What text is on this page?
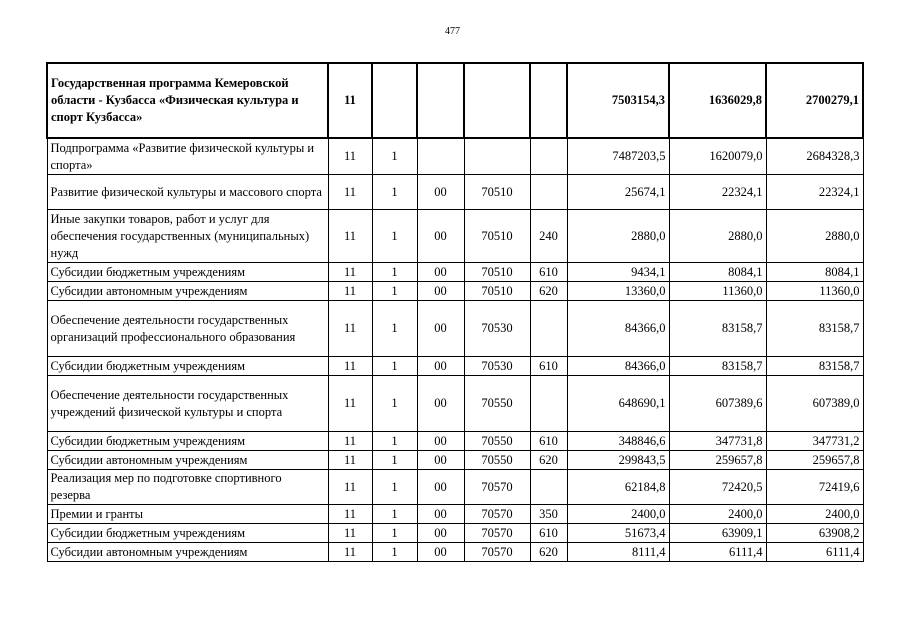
477
Государственная программа Кемеровской области - Кузбасса «Физическая культура и спорт Кузбасса»	11					7503154,3	1636029,8	2700279,1
Подпрограмма «Развитие физической культуры и спорта»	11	1				7487203,5	1620079,0	2684328,3
Развитие физической культуры и массового спорта	11	1	00	70510		25674,1	22324,1	22324,1
Иные закупки товаров, работ и услуг для обеспечения государственных (муниципальных) нужд	11	1	00	70510	240	2880,0	2880,0	2880,0
Субсидии бюджетным учреждениям	11	1	00	70510	610	9434,1	8084,1	8084,1
Субсидии автономным учреждениям	11	1	00	70510	620	13360,0	11360,0	11360,0
Обеспечение деятельности государственных организаций профессионального образования	11	1	00	70530		84366,0	83158,7	83158,7
Субсидии бюджетным учреждениям	11	1	00	70530	610	84366,0	83158,7	83158,7
Обеспечение деятельности государственных учреждений физической культуры и спорта	11	1	00	70550		648690,1	607389,6	607389,0
Субсидии бюджетным учреждениям	11	1	00	70550	610	348846,6	347731,8	347731,2
Субсидии автономным учреждениям	11	1	00	70550	620	299843,5	259657,8	259657,8
Реализация мер по подготовке спортивного резерва	11	1	00	70570		62184,8	72420,5	72419,6
Премии и гранты	11	1	00	70570	350	2400,0	2400,0	2400,0
Субсидии бюджетным учреждениям	11	1	00	70570	610	51673,4	63909,1	63908,2
Субсидии автономным учреждениям	11	1	00	70570	620	8111,4	6111,4	6111,4
